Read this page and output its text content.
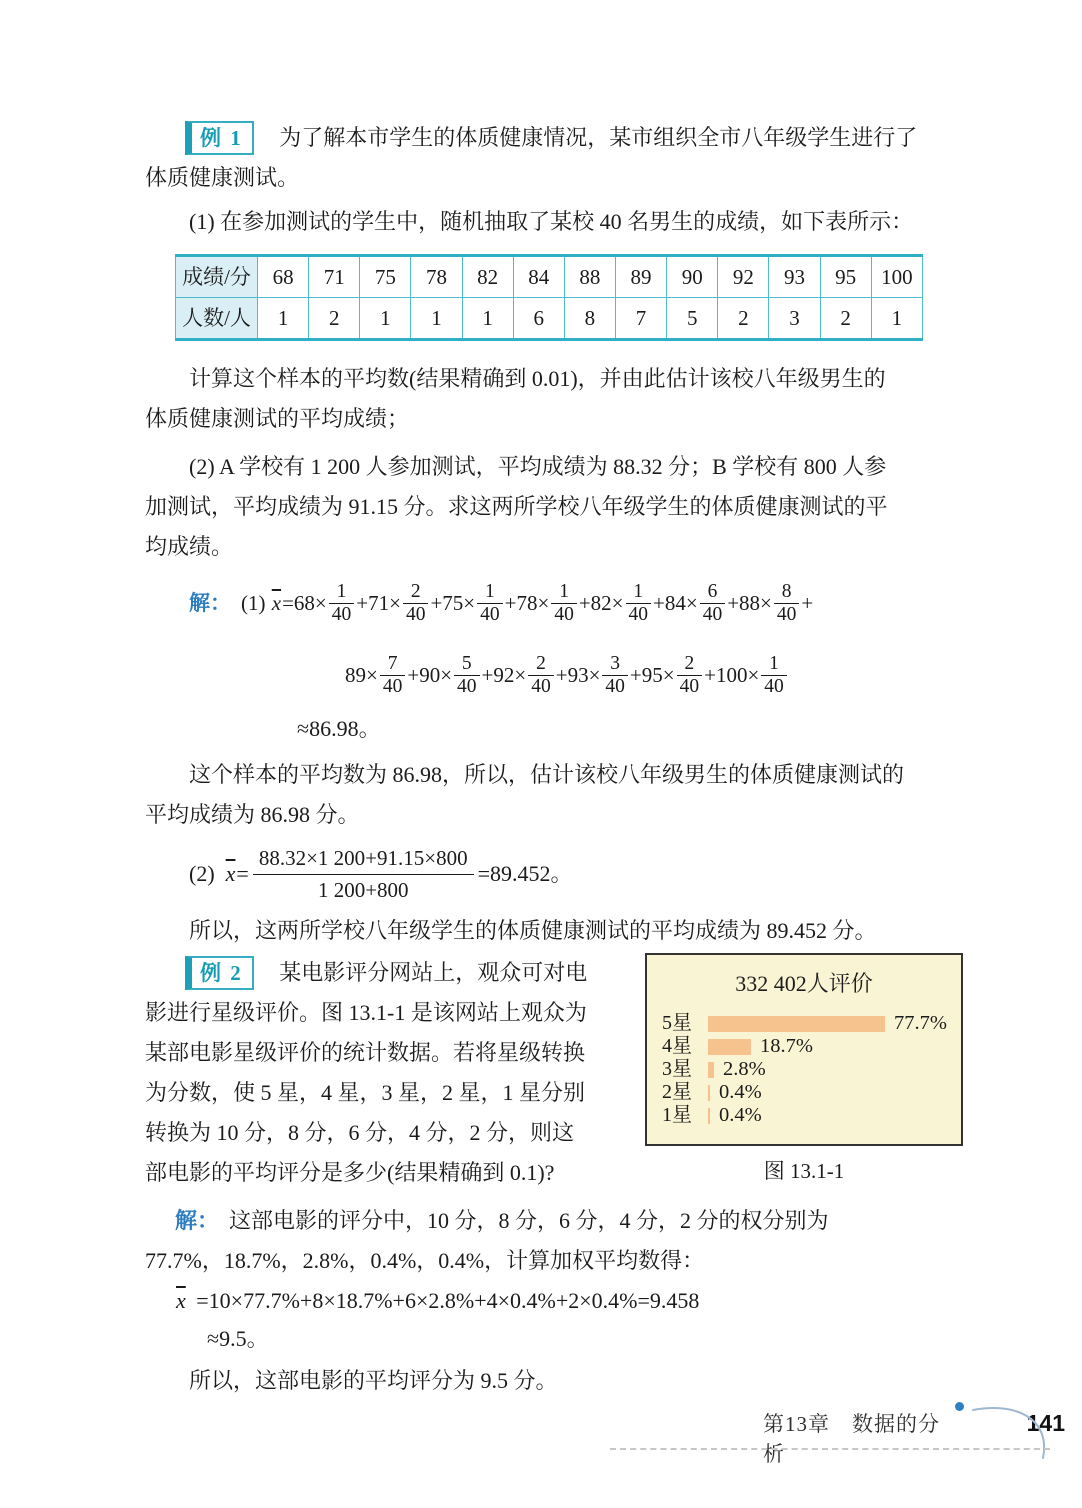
例 1 为了解本市学生的体质健康情况，某市组织全市八年级学生进行了
体质健康测试。
(1) 在参加测试的学生中，随机抽取了某校 40 名男生的成绩，如下表所示：
成绩/分	68	71	75	78	82	84	88	89	90	92	93	95	100
人数/人	1	2	1	1	1	6	8	7	5	2	3	2	1
计算这个样本的平均数(结果精确到 0.01)，并由此估计该校八年级男生的
体质健康测试的平均成绩；
(2) A 学校有 1 200 人参加测试，平均成绩为 88.32 分；B 学校有 800 人参
加测试，平均成绩为 91.15 分。求这两所学校八年级学生的体质健康测试的平
均成绩。
解： (1) $\overline{x}=68\times \frac{1}{40} +71\times \frac{2}{40} +75\times \frac{1}{40} +78\times \frac{1}{40} +82\times \frac{1}{40} +84\times \frac{6}{40} +88\times \frac{8}{40}$ +
$89\times \frac{7}{40} +90\times \frac{5}{40} +92\times \frac{2}{40} +93\times \frac{3}{40} +95\times \frac{2}{40} +100\times \frac{1}{40}$
≈86.98。
这个样本的平均数为 86.98，所以，估计该校八年级男生的体质健康测试的
平均成绩为 86.98 分。
(2) $\overline{x} = \frac{88.32\times 1 200+91.15\times 800}{1 200+800} =89.452$。
所以，这两所学校八年级学生的体质健康测试的平均成绩为 89.452 分。
例 2 某电影评分网站上，观众可对电
影进行星级评价。图 13.1-1 是该网站上观众为
某部电影星级评价的统计数据。若将星级转换
为分数，使 5 星，4 星，3 星，2 星，1 星分别
转换为 10 分，8 分，6 分，4 分，2 分，则这
部电影的平均评分是多少(结果精确到 0.1)?
332 402人评价
5星	77.7%
4星	18.7%
3星	2.8%
2星	0.4%
1星	0.4%
图 13.1-1
解： 这部电影的评分中，10 分，8 分，6 分，4 分，2 分的权分别为
77.7%，18.7%，2.8%，0.4%，0.4%，计算加权平均数得：
$\overline{x} =10\times 77.7\%+8\times 18.7\%+6\times 2.8\%+4\times 0.4\%+2\times 0.4\%=9.458$
≈9.5。
所以，这部电影的平均评分为 9.5 分。
第13章　数据的分析
141
